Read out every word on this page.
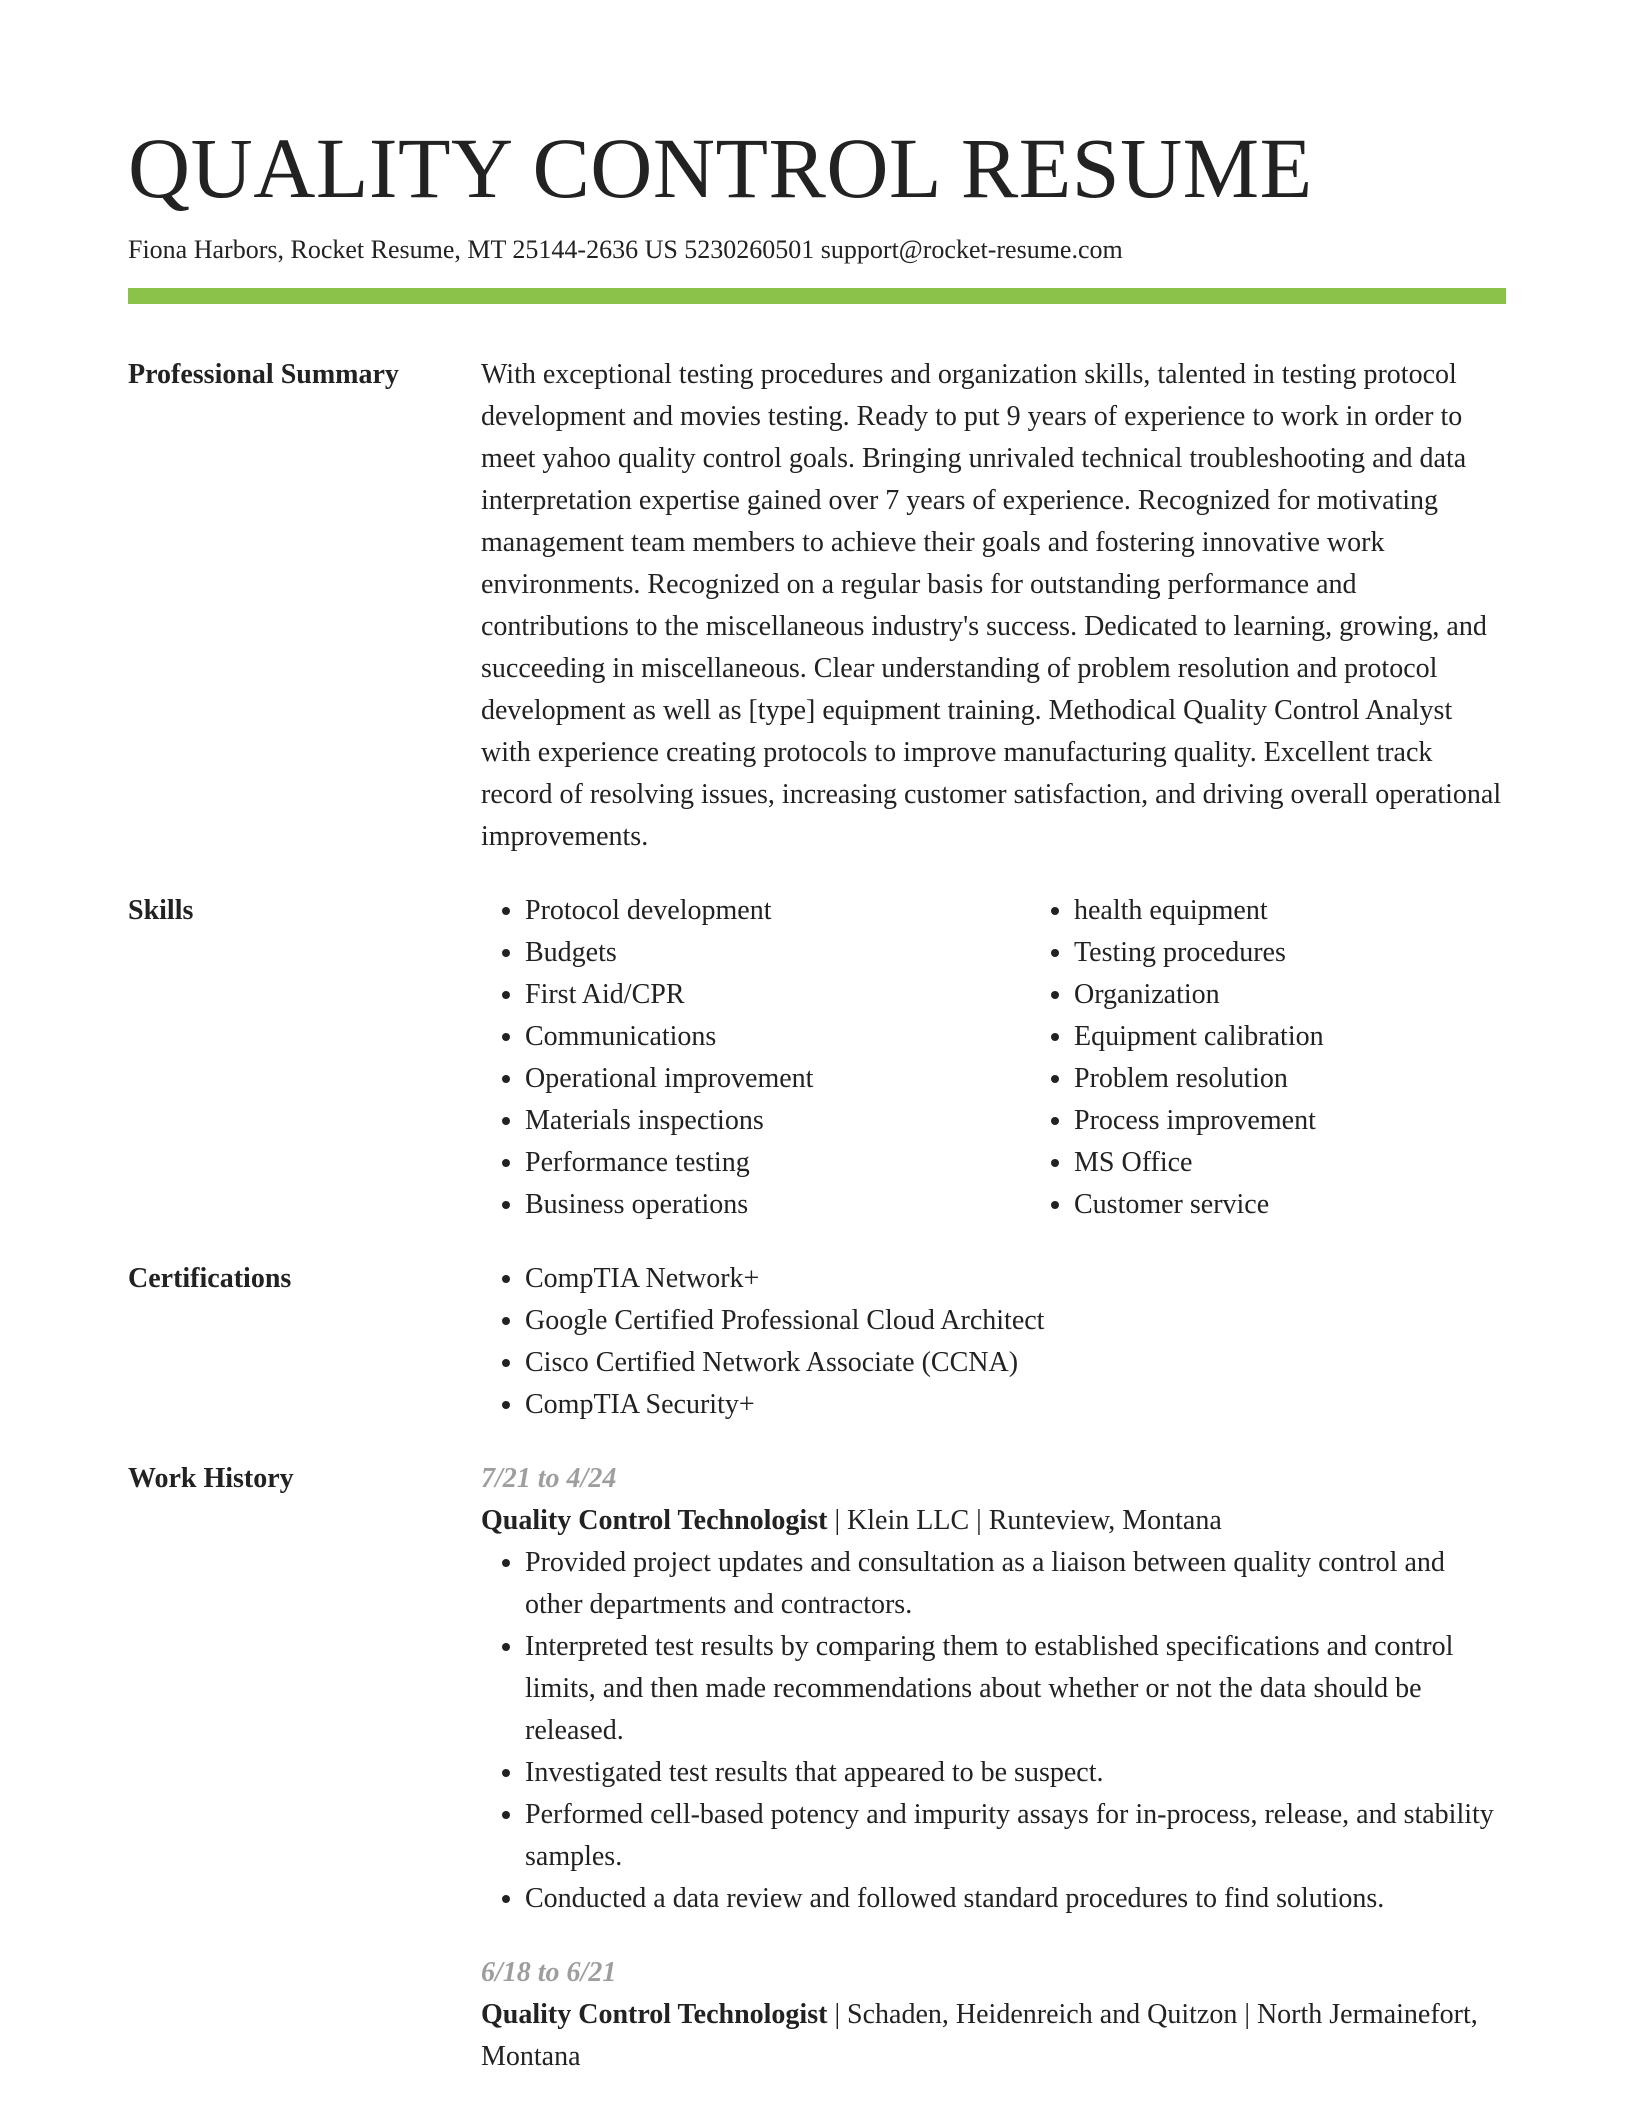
QUALITY CONTROL RESUME
Fiona Harbors, Rocket Resume, MT 25144-2636 US 5230260501 support@rocket-resume.com
Professional Summary	With exceptional testing procedures and organization skills, talented in testing protocol development and movies testing. Ready to put 9 years of experience to work in order to meet yahoo quality control goals. Bringing unrivaled technical troubleshooting and data interpretation expertise gained over 7 years of experience. Recognized for motivating management team members to achieve their goals and fostering innovative work environments. Recognized on a regular basis for outstanding performance and contributions to the miscellaneous industry's success. Dedicated to learning, growing, and succeeding in miscellaneous. Clear understanding of problem resolution and protocol development as well as [type] equipment training. Methodical Quality Control Analyst with experience creating protocols to improve manufacturing quality. Excellent track record of resolving issues, increasing customer satisfaction, and driving overall operational improvements.

Skills	• Protocol development
• Budgets
• First Aid/CPR
• Communications
• Operational improvement
• Materials inspections
• Performance testing
• Business operations
• health equipment
• Testing procedures
• Organization
• Equipment calibration
• Problem resolution
• Process improvement
• MS Office
• Customer service
Certifications	• CompTIA Network+
• Google Certified Professional Cloud Architect
• Cisco Certified Network Associate (CCNA)
• CompTIA Security+
Work History	7/21 to 4/24
Quality Control Technologist | Klein LLC | Runteview, Montana
• Provided project updates and consultation as a liaison between quality control and other departments and contractors.
• Interpreted test results by comparing them to established specifications and control limits, and then made recommendations about whether or not the data should be released.
• Investigated test results that appeared to be suspect.
• Performed cell-based potency and impurity assays for in-process, release, and stability samples.
• Conducted a data review and followed standard procedures to find solutions.
6/18 to 6/21
Quality Control Technologist | Schaden, Heidenreich and Quitzon | North Jermainefort, Montana
